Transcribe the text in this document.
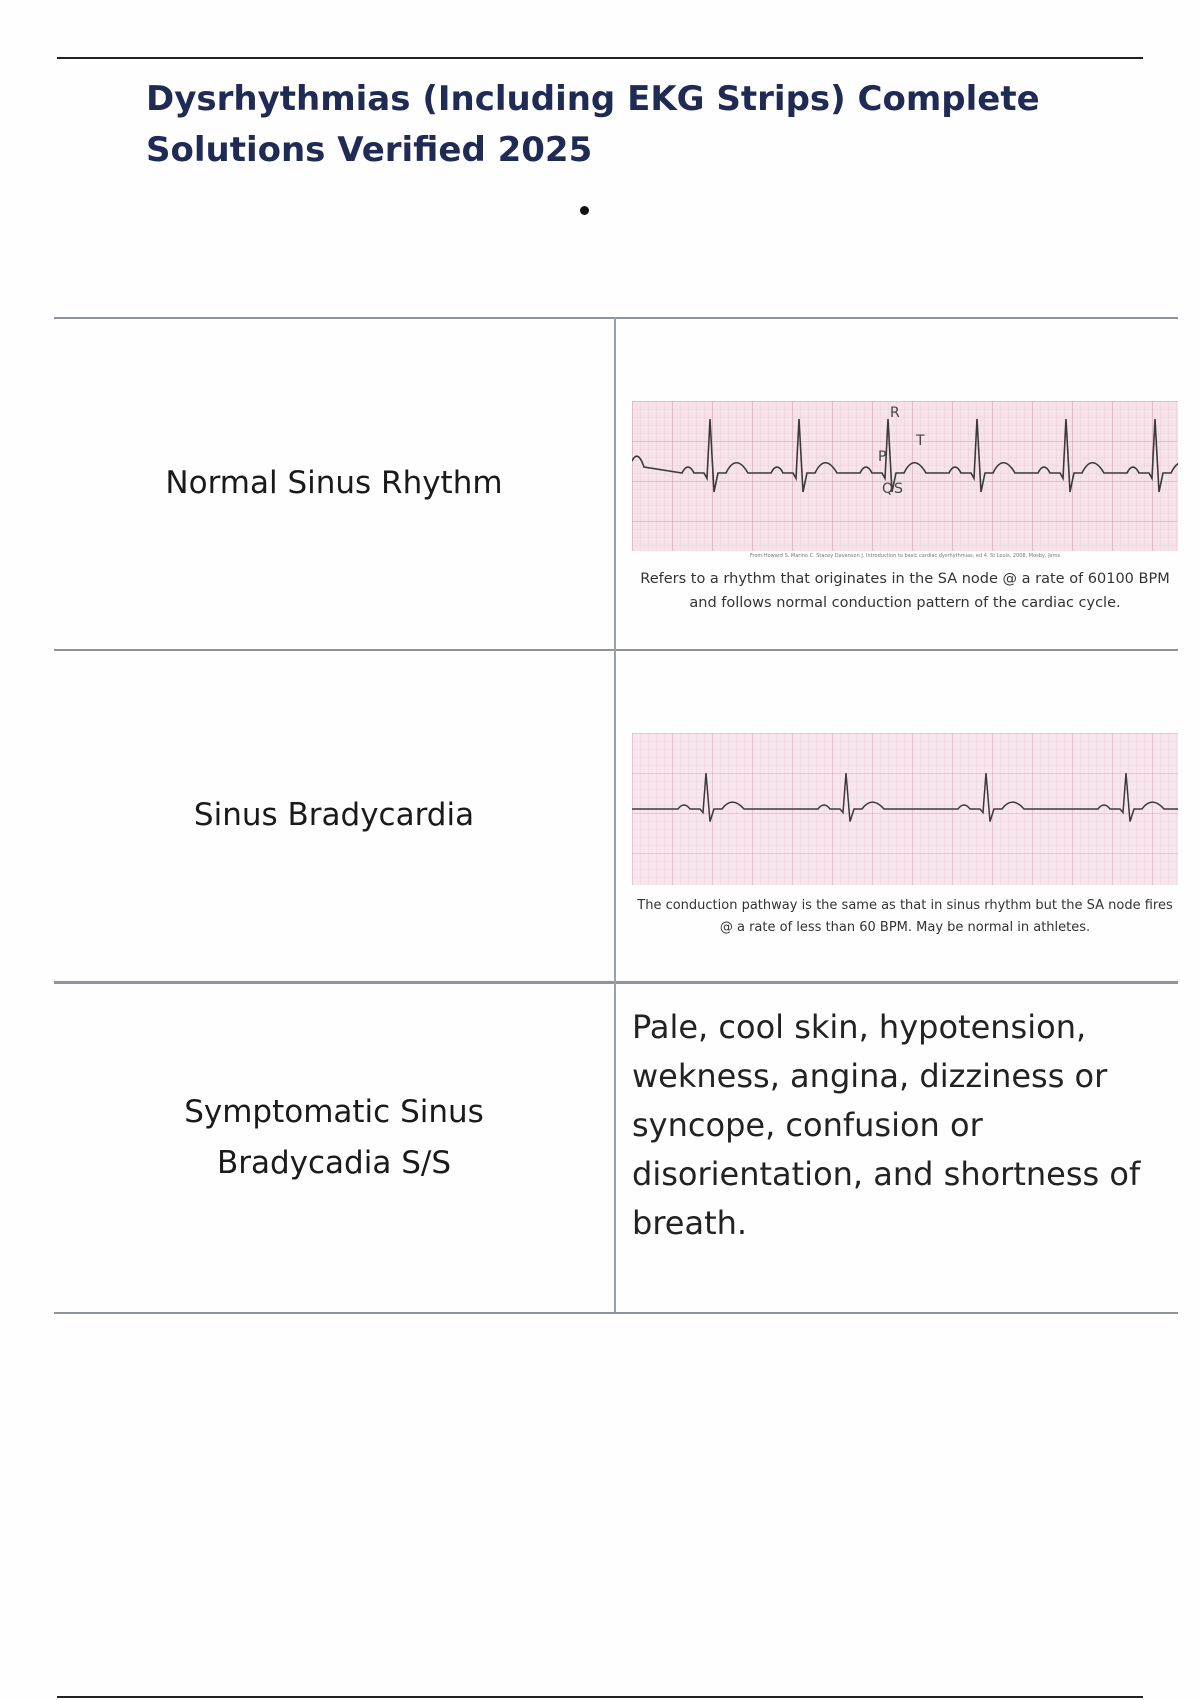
Dysrhythmias (Including EKG Strips) Complete Solutions Verified 2025
Normal Sinus Rhythm
R
P
T
Q S
From Howard S. Marino C. Stacey Davenson J. Introduction to basic cardiac dysrhythmias, ed 4. St Louis, 2008, Mosby, Jems
Refers to a rhythm that originates in the SA node @ a rate of 60100 BPM and follows normal conduction pattern of the cardiac cycle.
Sinus Bradycardia
The conduction pathway is the same as that in sinus rhythm but the SA node fires @ a rate of less than 60 BPM. May be normal in athletes.
Symptomatic Sinus Bradycadia S/S
Pale, cool skin, hypotension, wekness, angina, dizziness or syncope, confusion or disorientation, and shortness of breath.
